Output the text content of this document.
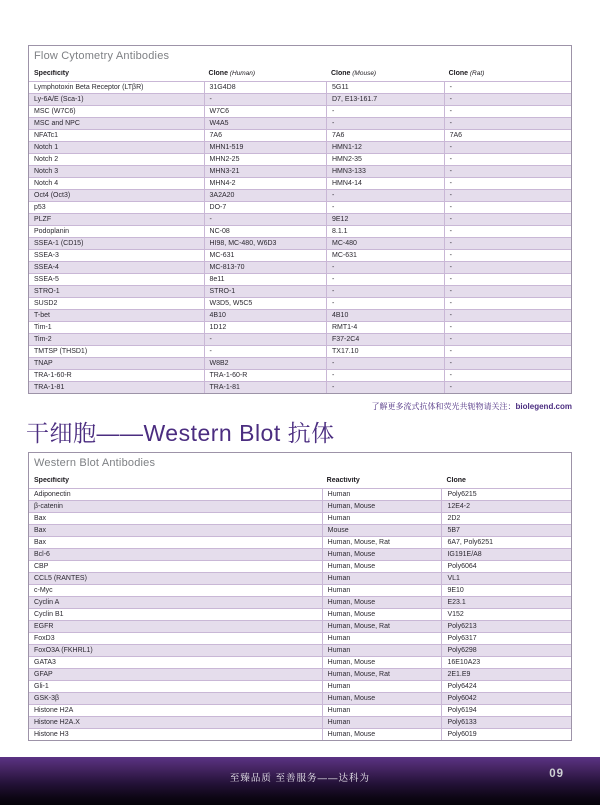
Flow Cytometry Antibodies
Specificity	Clone (Human)	Clone (Mouse)	Clone (Rat)
Lymphotoxin Beta Receptor (LTβR)	31G4D8	5G11	-
Ly-6A/E (Sca-1)	-	D7, E13-161.7	-
MSC (W7C6)	W7C6	-	-
MSC and NPC	W4A5	-	-
NFATc1	7A6	7A6	7A6
Notch 1	MHN1-519	HMN1-12	-
Notch 2	MHN2-25	HMN2-35	-
Notch 3	MHN3-21	HMN3-133	-
Notch 4	MHN4-2	HMN4-14	-
Oct4 (Oct3)	3A2A20	-	-
p53	DO-7	-	-
PLZF	-	9E12	-
Podoplanin	NC-08	8.1.1	-
SSEA-1 (CD15)	HI98, MC-480, W6D3	MC-480	-
SSEA-3	MC-631	MC-631	-
SSEA-4	MC-813-70	-	-
SSEA-5	8e11	-	-
STRO-1	STRO-1	-	-
SUSD2	W3D5, W5C5	-	-
T-bet	4B10	4B10	-
Tim-1	1D12	RMT1-4	-
Tim-2	-	F37-2C4	-
TMTSP (THSD1)	-	TX17.10	-
TNAP	W8B2	-	-
TRA-1-60-R	TRA-1-60-R	-	-
TRA-1-81	TRA-1-81	-	-
了解更多流式抗体和荧光共轭物请关注：biolegend.com
干细胞——Western Blot 抗体
Western Blot Antibodies
Specificity	Reactivity	Clone
Adiponectin	Human	Poly6215
β-catenin	Human, Mouse	12E4-2
Bax	Human	2D2
Bax	Mouse	5B7
Bax	Human, Mouse, Rat	6A7, Poly6251
Bcl-6	Human, Mouse	IG191E/A8
CBP	Human, Mouse	Poly6064
CCL5 (RANTES)	Human	VL1
c-Myc	Human	9E10
Cyclin A	Human, Mouse	E23.1
Cyclin B1	Human, Mouse	V152
EGFR	Human, Mouse, Rat	Poly6213
FoxD3	Human	Poly6317
FoxO3A (FKHRL1)	Human	Poly6298
GATA3	Human, Mouse	16E10A23
GFAP	Human, Mouse, Rat	2E1.E9
Gli-1	Human	Poly6424
GSK-3β	Human, Mouse	Poly6042
Histone H2A	Human	Poly6194
Histone H2A.X	Human	Poly6133
Histone H3	Human, Mouse	Poly6019
至臻品质 至善服务——达科为	09
